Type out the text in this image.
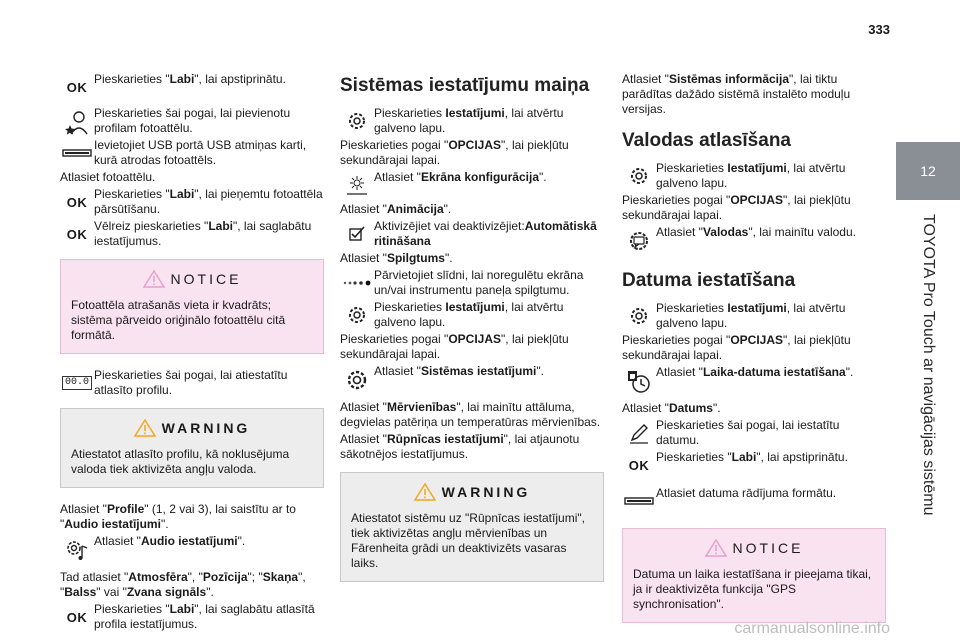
333
12
TOYOTA Pro Touch ar navigācijas sistēmu
OK
Pieskarieties "Labi", lai apstiprinātu.
Pieskarieties šai pogai, lai pievienotu profilam fotoattēlu.
Ievietojiet USB portā USB atmiņas karti, kurā atrodas fotoattēls.
Atlasiet fotoattēlu.
OK
Pieskarieties "Labi", lai pieņemtu fotoattēla pārsūtīšanu.
OK
Vēlreiz pieskarieties "Labi", lai saglabātu iestatījumus.
NOTICE
Fotoattēla atrašanās vieta ir kvadrāts; sistēma pārveido oriģinālo fotoattēlu citā formātā.
00.0
Pieskarieties šai pogai, lai atiestatītu atlasīto profilu.
WARNING
Atiestatot atlasīto profilu, kā noklusējuma valoda tiek aktivizēta angļu valoda.
Atlasiet "Profile" (1, 2 vai 3), lai saistītu ar to "Audio iestatījumi".
Atlasiet "Audio iestatījumi".
Tad atlasiet "Atmosfēra", "Pozīcija"; "Skaņa", "Balss" vai "Zvana signāls".
OK
Pieskarieties "Labi", lai saglabātu atlasītā profila iestatījumus.
Sistēmas iestatījumu maiņa
Pieskarieties Iestatījumi, lai atvērtu galveno lapu.
Pieskarieties pogai "OPCIJAS", lai piekļūtu sekundārajai lapai.
Atlasiet "Ekrāna konfigurācija".
Atlasiet "Animācija".
Aktivizējiet vai deaktivizējiet:Automātiskā ritināšana
Atlasiet "Spilgtums".
Pārvietojiet slīdni, lai noregulētu ekrāna un/vai instrumentu paneļa spilgtumu.
Pieskarieties Iestatījumi, lai atvērtu galveno lapu.
Pieskarieties pogai "OPCIJAS", lai piekļūtu sekundārajai lapai.
Atlasiet "Sistēmas iestatījumi".
Atlasiet "Mērvienības", lai mainītu attāluma, degvielas patēriņa un temperatūras mērvienības.
Atlasiet "Rūpnīcas iestatījumi", lai atjaunotu sākotnējos iestatījumus.
WARNING
Atiestatot sistēmu uz "Rūpnīcas iestatījumi", tiek aktivizētas angļu mērvienības un Fārenheita grādi un deaktivizēts vasaras laiks.
Atlasiet "Sistēmas informācija", lai tiktu parādītas dažādo sistēmā instalēto moduļu versijas.
Valodas atlasīšana
Pieskarieties Iestatījumi, lai atvērtu galveno lapu.
Pieskarieties pogai "OPCIJAS", lai piekļūtu sekundārajai lapai.
Atlasiet "Valodas", lai mainītu valodu.
Datuma iestatīšana
Pieskarieties Iestatījumi, lai atvērtu galveno lapu.
Pieskarieties pogai "OPCIJAS", lai piekļūtu sekundārajai lapai.
Atlasiet "Laika-datuma iestatīšana".
Atlasiet "Datums".
Pieskarieties šai pogai, lai iestatītu datumu.
OK
Pieskarieties "Labi", lai apstiprinātu.
Atlasiet datuma rādījuma formātu.
NOTICE
Datuma un laika iestatīšana ir pieejama tikai, ja ir deaktivizēta funkcija "GPS synchronisation".
carmanualsonline.info
